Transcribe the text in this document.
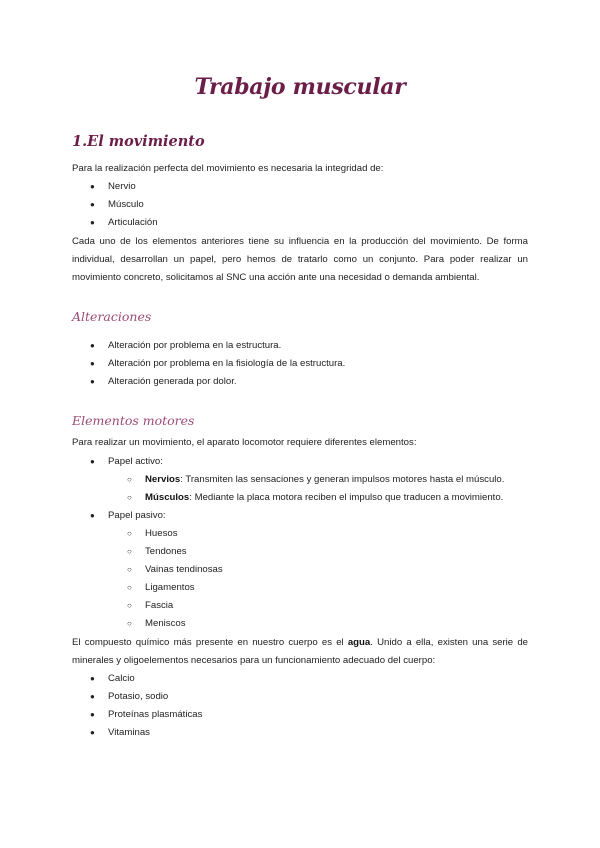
Trabajo muscular
1.El movimiento
Para la realización perfecta del movimiento es necesaria la integridad de:
● Nervio
● Músculo
● Articulación
Cada uno de los elementos anteriores tiene su influencia en la producción del movimiento. De forma individual, desarrollan un papel, pero hemos de tratarlo como un conjunto. Para poder realizar un movimiento concreto, solicitamos al SNC una acción ante una necesidad o demanda ambiental.
Alteraciones
● Alteración por problema en la estructura.
● Alteración por problema en la fisiología de la estructura.
● Alteración generada por dolor.
Elementos motores
Para realizar un movimiento, el aparato locomotor requiere diferentes elementos:
● Papel activo:
○ Nervios: Transmiten las sensaciones y generan impulsos motores hasta el músculo.
○ Músculos: Mediante la placa motora reciben el impulso que traducen a movimiento.
● Papel pasivo:
○ Huesos
○ Tendones
○ Vainas tendinosas
○ Ligamentos
○ Fascia
○ Meniscos
El compuesto químico más presente en nuestro cuerpo es el agua. Unido a ella, existen una serie de minerales y oligoelementos necesarios para un funcionamiento adecuado del cuerpo:
● Calcio
● Potasio, sodio
● Proteínas plasmáticas
● Vitaminas
